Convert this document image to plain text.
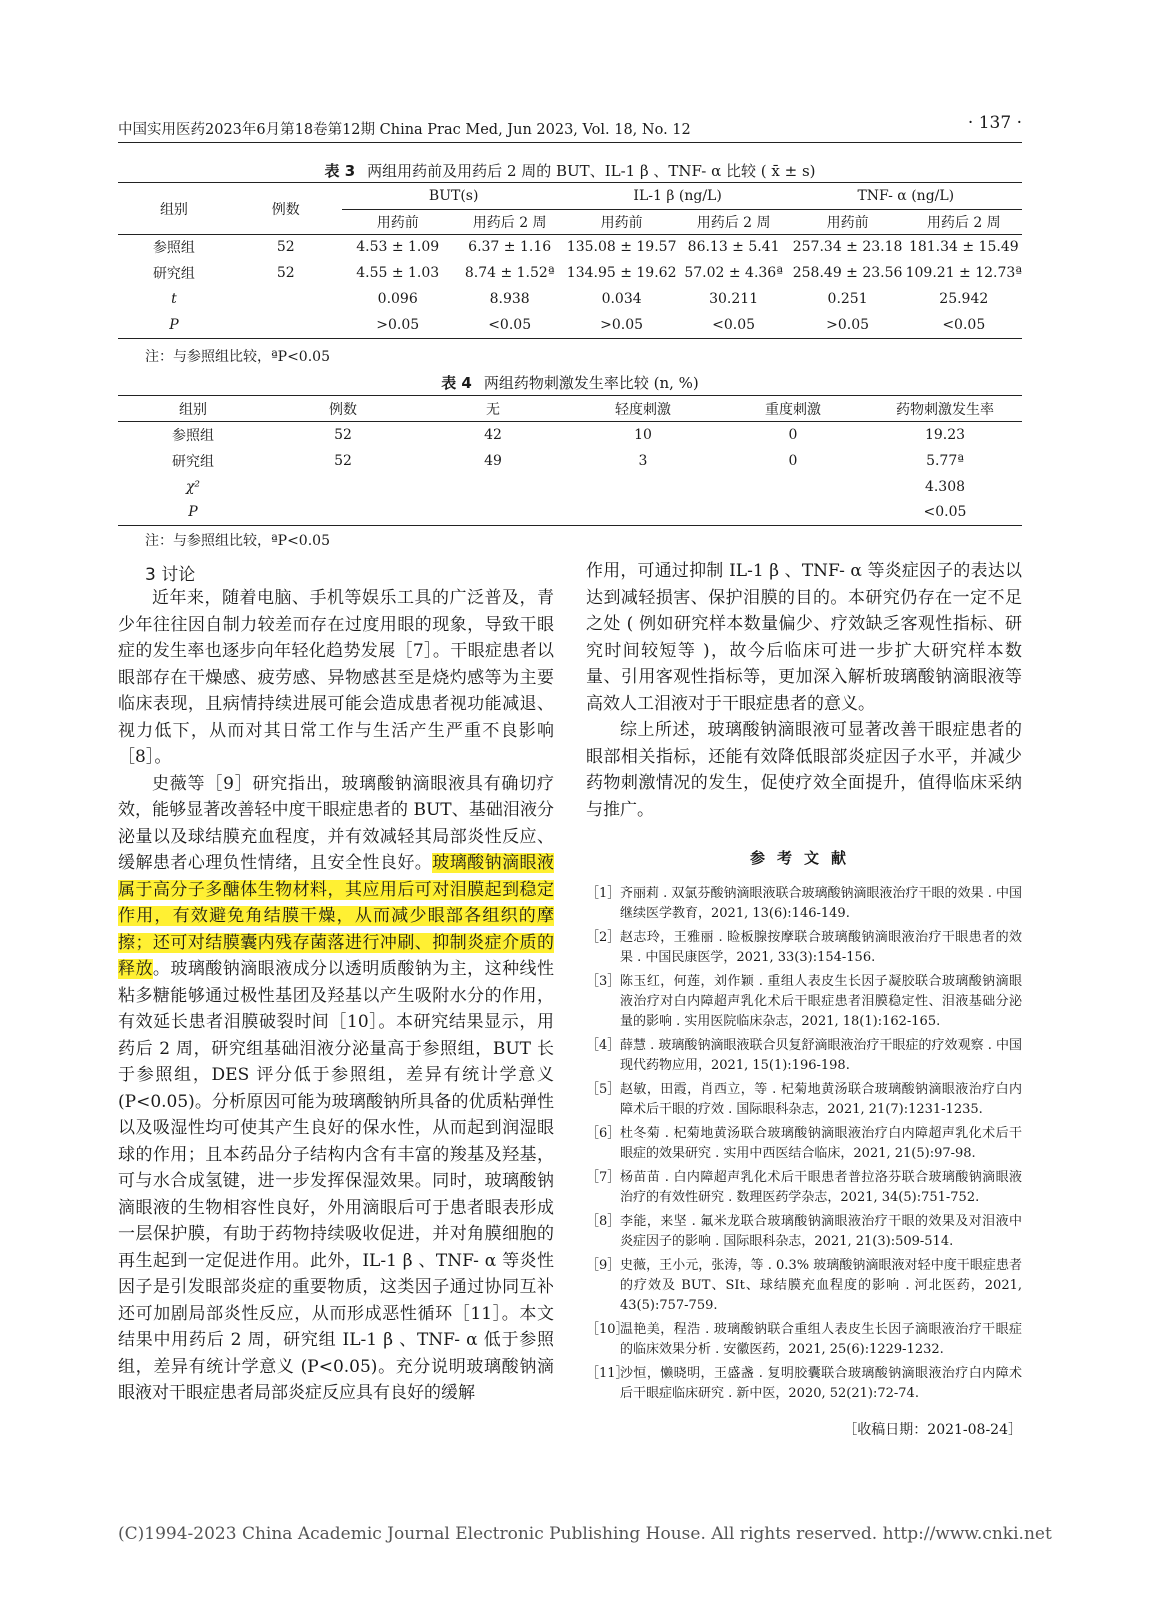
中国实用医药2023年6月第18卷第12期 China Prac Med, Jun 2023, Vol. 18, No. 12	· 137 ·
表 3 两组用药前及用药后 2 周的 BUT、IL-1 β 、TNF- α 比较 ( x̄ ± s)
组别	例数	BUT(s)		IL-1 β (ng/L)		TNF- α (ng/L)	
		用药前	用药后 2 周	用药前	用药后 2 周	用药前	用药后 2 周
参照组	52	4.53 ± 1.09	6.37 ± 1.16	135.08 ± 19.57	86.13 ± 5.41	257.34 ± 23.18	181.34 ± 15.49
研究组	52	4.55 ± 1.03	8.74 ± 1.52ª	134.95 ± 19.62	57.02 ± 4.36ª	258.49 ± 23.56	109.21 ± 12.73ª
t		0.096	8.938	0.034	30.211	0.251	25.942
P		>0.05	<0.05	>0.05	<0.05	>0.05	<0.05
注：与参照组比较，ªP<0.05
表 4 两组药物刺激发生率比较 (n, %)
组别	例数	无	轻度刺激	重度刺激	药物刺激发生率
参照组	52	42	10	0	19.23
研究组	52	49	3	0	5.77ª
χ²					4.308
P					<0.05
注：与参照组比较，ªP<0.05
3 讨论

近年来，随着电脑、手机等娱乐工具的广泛普及，青少年往往因自制力较差而存在过度用眼的现象，导致干眼症的发生率也逐步向年轻化趋势发展［7］。干眼症患者以眼部存在干燥感、疲劳感、异物感甚至是烧灼感等为主要临床表现，且病情持续进展可能会造成患者视功能减退、视力低下，从而对其日常工作与生活产生严重不良影响［8］。

史薇等［9］研究指出，玻璃酸钠滴眼液具有确切疗效，能够显著改善轻中度干眼症患者的 BUT、基础泪液分泌量以及球结膜充血程度，并有效减轻其局部炎性反应、缓解患者心理负性情绪，且安全性良好。玻璃酸钠滴眼液属于高分子多醣体生物材料，其应用后可对泪膜起到稳定作用，有效避免角结膜干燥，从而减少眼部各组织的摩擦；还可对结膜囊内残存菌落进行冲刷、抑制炎症介质的释放。玻璃酸钠滴眼液成分以透明质酸钠为主，这种线性粘多糖能够通过极性基团及羟基以产生吸附水分的作用，有效延长患者泪膜破裂时间［10］。本研究结果显示，用药后 2 周，研究组基础泪液分泌量高于参照组，BUT 长于参照组，DES 评分低于参照组，差异有统计学意义 (P<0.05)。分析原因可能为玻璃酸钠所具备的优质粘弹性以及吸湿性均可使其产生良好的保水性，从而起到润湿眼球的作用；且本药品分子结构内含有丰富的羧基及羟基，可与水合成氢键，进一步发挥保湿效果。同时，玻璃酸钠滴眼液的生物相容性良好，外用滴眼后可于患者眼表形成一层保护膜，有助于药物持续吸收促进，并对角膜细胞的再生起到一定促进作用。此外，IL-1 β 、TNF- α 等炎性因子是引发眼部炎症的重要物质，这类因子通过协同互补还可加剧局部炎性反应，从而形成恶性循环［11］。本文结果中用药后 2 周，研究组 IL-1 β 、TNF- α 低于参照组，差异有统计学意义 (P<0.05)。充分说明玻璃酸钠滴眼液对干眼症患者局部炎症反应具有良好的缓解

作用，可通过抑制 IL-1 β 、TNF- α 等炎症因子的表达以达到减轻损害、保护泪膜的目的。本研究仍存在一定不足之处 ( 例如研究样本数量偏少、疗效缺乏客观性指标、研究时间较短等 )，故今后临床可进一步扩大研究样本数量、引用客观性指标等，更加深入解析玻璃酸钠滴眼液等高效人工泪液对于干眼症患者的意义。

综上所述，玻璃酸钠滴眼液可显著改善干眼症患者的眼部相关指标，还能有效降低眼部炎症因子水平，并减少药物刺激情况的发生，促使疗效全面提升，值得临床采纳与推广。

参考文献
［1］ 齐丽莉 . 双氯芬酸钠滴眼液联合玻璃酸钠滴眼液治疗干眼的效果 . 中国继续医学教育，2021, 13(6):146-149.
［2］ 赵志玲，王雅丽 . 睑板腺按摩联合玻璃酸钠滴眼液治疗干眼患者的效果 . 中国民康医学，2021, 33(3):154-156.
［3］ 陈玉红，何莲，刘作颖 . 重组人表皮生长因子凝胶联合玻璃酸钠滴眼液治疗对白内障超声乳化术后干眼症患者泪膜稳定性、泪液基础分泌量的影响 . 实用医院临床杂志，2021, 18(1):162-165.
［4］ 薛慧 . 玻璃酸钠滴眼液联合贝复舒滴眼液治疗干眼症的疗效观察 . 中国现代药物应用，2021, 15(1):196-198.
［5］ 赵敏，田霞，肖西立，等 . 杞菊地黄汤联合玻璃酸钠滴眼液治疗白内障术后干眼的疗效 . 国际眼科杂志，2021, 21(7):1231-1235.
［6］ 杜冬菊 . 杞菊地黄汤联合玻璃酸钠滴眼液治疗白内障超声乳化术后干眼症的效果研究 . 实用中西医结合临床，2021, 21(5):97-98.
［7］ 杨苗苗 . 白内障超声乳化术后干眼患者普拉洛芬联合玻璃酸钠滴眼液治疗的有效性研究 . 数理医药学杂志，2021, 34(5):751-752.
［8］ 李能，来坚 . 氟米龙联合玻璃酸钠滴眼液治疗干眼的效果及对泪液中炎症因子的影响 . 国际眼科杂志，2021, 21(3):509-514.
［9］ 史薇，王小元，张涛，等 . 0.3% 玻璃酸钠滴眼液对轻中度干眼症患者的疗效及 BUT、SIt、球结膜充血程度的影响 . 河北医药，2021, 43(5):757-759.
［10］
温艳美，程浩 . 玻璃酸钠联合重组人表皮生长因子滴眼液治疗干眼症的临床效果分析 . 安徽医药，2021, 25(6):1229-1232.
［11］
沙恒，懒晓明，王盛盏 . 复明胶囊联合玻璃酸钠滴眼液治疗白内障术后干眼症临床研究 . 新中医，2020, 52(21):72-74.
［收稿日期：2021-08-24］
(C)1994-2023 China Academic Journal Electronic Publishing House. All rights reserved. http://www.cnki.net
